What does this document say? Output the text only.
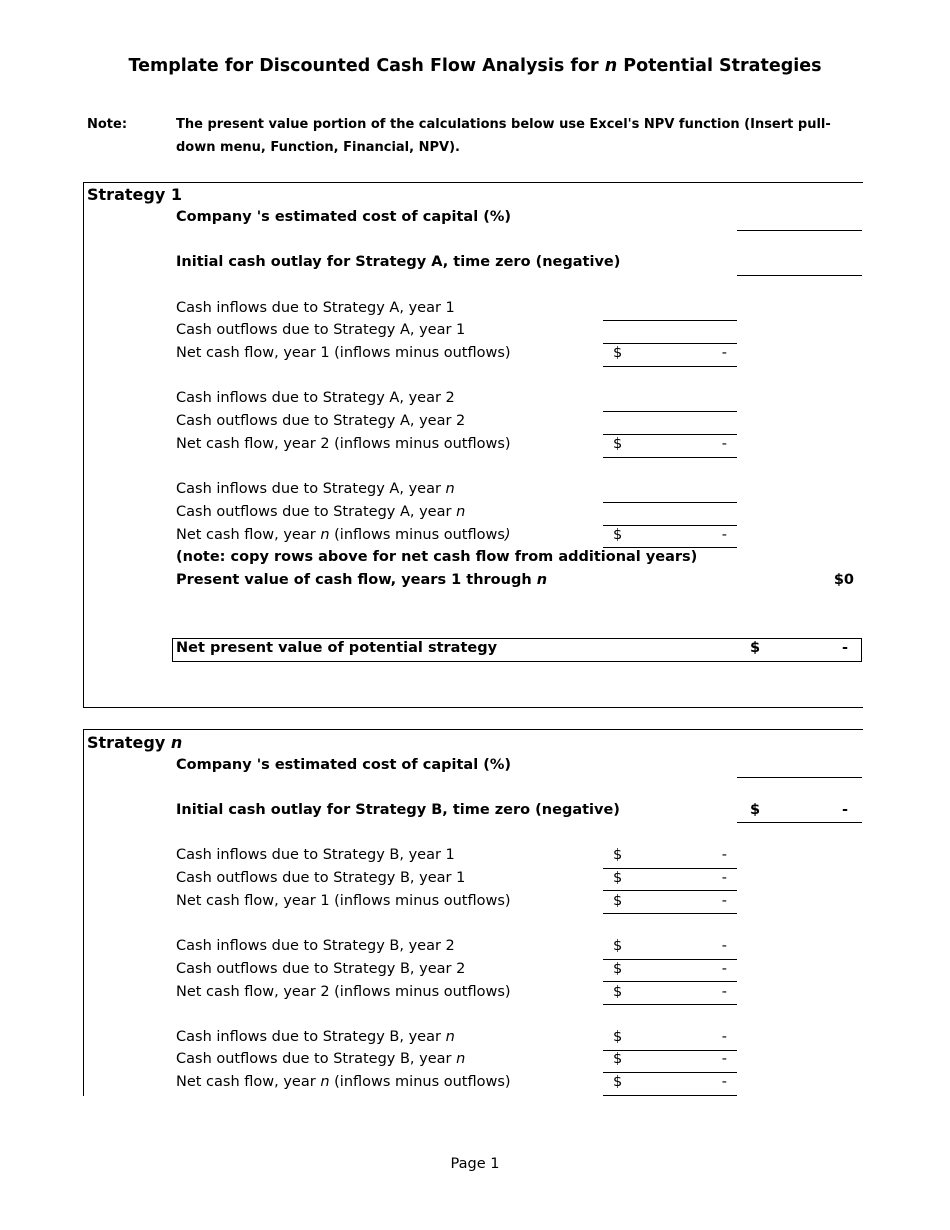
Template for Discounted Cash Flow Analysis for n Potential Strategies
Note:	The present value portion of the calculations below use Excel's NPV function (Insert pull-down menu, Function, Financial, NPV).
Strategy 1
Company 's estimated cost of capital (%)
Initial cash outlay for Strategy A, time zero (negative)
Cash inflows due to Strategy A, year 1
Cash outflows due to Strategy A, year 1
Net cash flow, year 1 (inflows minus outflows)	$	-
Cash inflows due to Strategy A, year 2
Cash outflows due to Strategy A, year 2
Net cash flow, year 2 (inflows minus outflows)	$	-
Cash inflows due to Strategy A, year n
Cash outflows due to Strategy A, year n
Net cash flow, year n (inflows minus outflows)	$	-
(note: copy rows above for net cash flow from additional years)
Present value of cash flow, years 1 through n	$0
Net present value of potential strategy	$	-
Strategy n
Company 's estimated cost of capital (%)
Initial cash outlay for Strategy B, time zero (negative)	$	-
Cash inflows due to Strategy B, year 1	$	-
Cash outflows due to Strategy B, year 1	$	-
Net cash flow, year 1 (inflows minus outflows)	$	-
Cash inflows due to Strategy B, year 2	$	-
Cash outflows due to Strategy B, year 2	$	-
Net cash flow, year 2 (inflows minus outflows)	$	-
Cash inflows due to Strategy B, year n	$	-
Cash outflows due to Strategy B, year n	$	-
Net cash flow, year n (inflows minus outflows)	$	-
Page 1
